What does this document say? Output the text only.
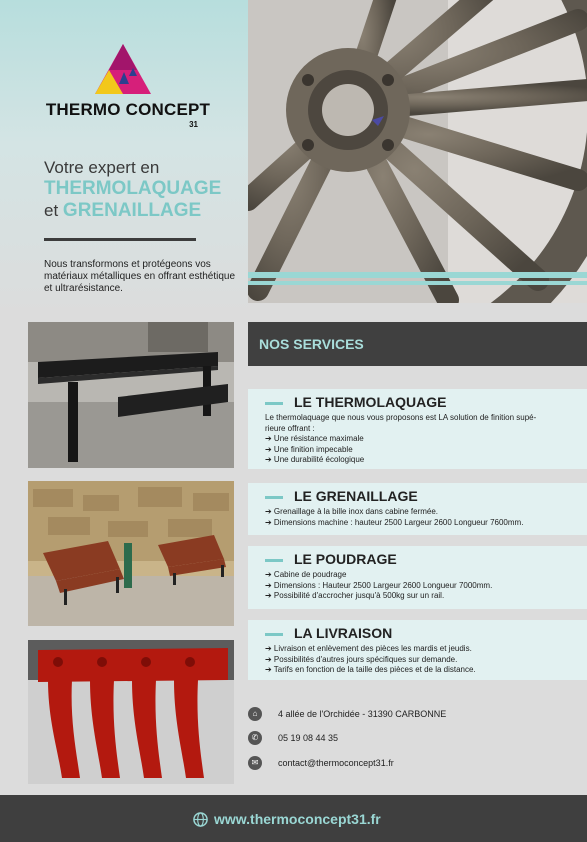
THERMO CONCEPT
31
Votre expert en
THERMOLAQUAGE
et GRENAILLAGE
Nous transformons et protégeons vos matériaux métalliques en offrant esthétique et ultrarésistance.
NOS SERVICES
LE THERMOLAQUAGE

Le thermolaquage que nous vous proposons est LA solution de finition supé-

rieure offrant :

➔ Une résistance maximale

➔ Une finition impecable

➔ Une durabilité écologique

LE GRENAILLAGE

➔ Grenaillage à la bille inox dans cabine fermée.

➔ Dimensions machine : hauteur 2500 Largeur 2600 Longueur 7600mm.

LE POUDRAGE

➔ Cabine de poudrage

➔ Dimensions : Hauteur 2500 Largeur 2600 Longueur 7000mm.

➔ Possibilité d'accrocher jusqu'à 500kg sur un rail.

LA LIVRAISON

➔ Livraison et enlèvement des pièces les mardis et jeudis.

➔ Possibilités d'autres jours spécifiques sur demande.

➔ Tarifs en fonction de la taille des pièces et de la distance.

⌂	4 allée de l'Orchidée - 31390 CARBONNE
✆	05 19 08 44 35
✉	contact@thermoconcept31.fr
www.thermoconcept31.fr
